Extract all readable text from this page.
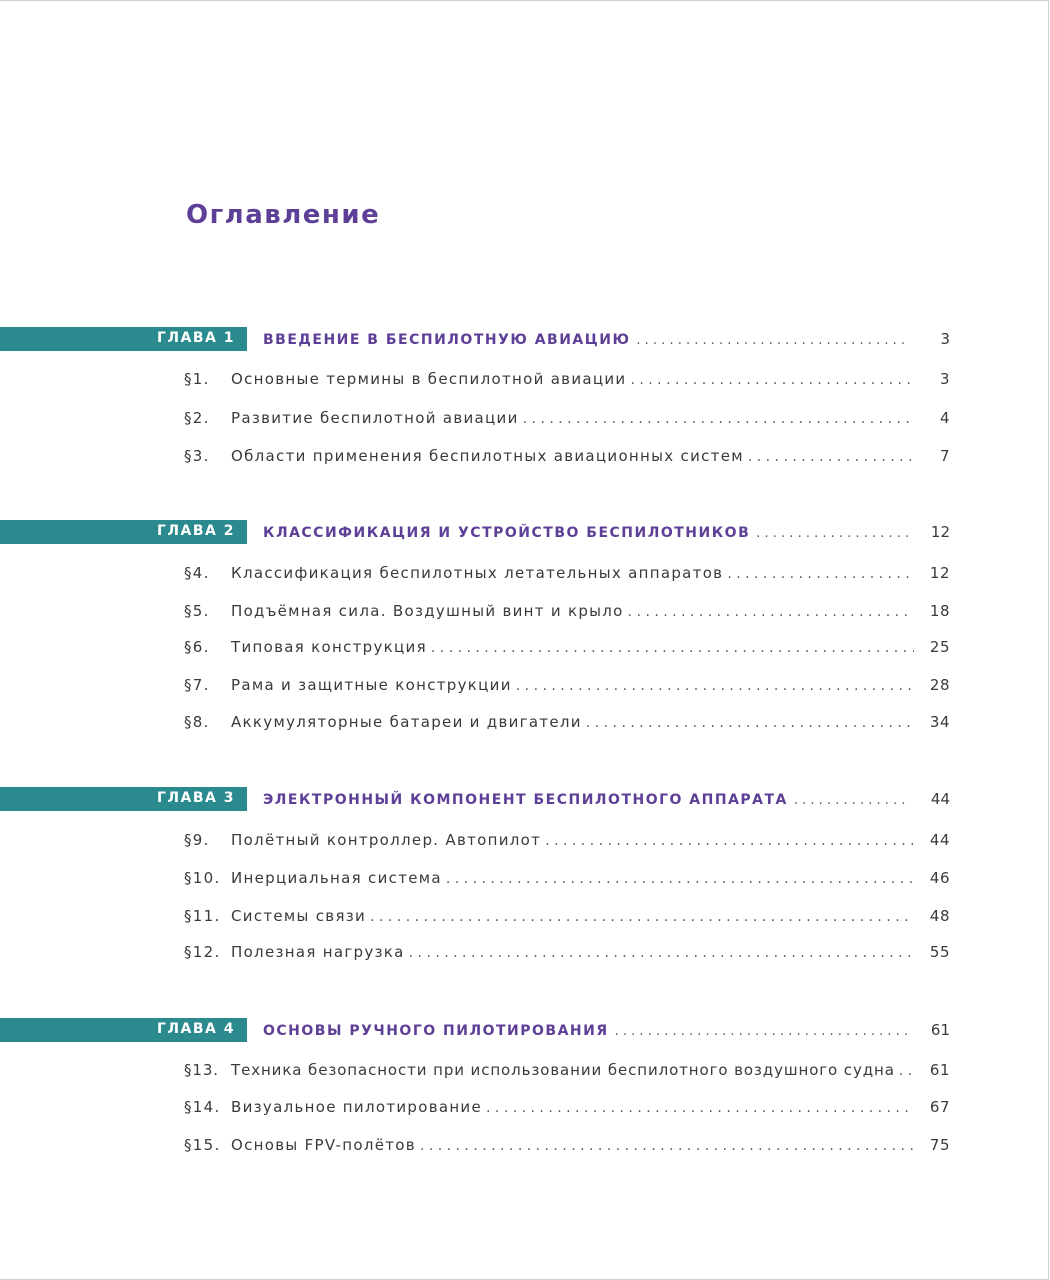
Оглавление
ГЛАВА 1 ВВЕДЕНИЕ В БЕСПИЛОТНУЮ АВИАЦИЮ . . .	3
§1.	Основные термины в беспилотной авиации . . .	3
§2.	Развитие беспилотной авиации . . .	4
§3.	Области применения беспилотных авиационных систем . . .	7
ГЛАВА 2 КЛАССИФИКАЦИЯ И УСТРОЙСТВО БЕСПИЛОТНИКОВ . . .	12
§4.	Классификация беспилотных летательных аппаратов . . .	12
§5.	Подъёмная сила. Воздушный винт и крыло . . .	18
§6.	Типовая конструкция . . .	25
§7.	Рама и защитные конструкции . . .	28
§8.	Аккумуляторные батареи и двигатели . . .	34
ГЛАВА 3 ЭЛЕКТРОННЫЙ КОМПОНЕНТ БЕСПИЛОТНОГО АППАРАТА . . .	44
§9.	Полётный контроллер. Автопилот . . .	44
§10. Инерциальная система . . .	46
§11. Системы связи . . .	48
§12. Полезная нагрузка . . .	55
ГЛАВА 4 ОСНОВЫ РУЧНОГО ПИЛОТИРОВАНИЯ . . .	61
§13. Техника безопасности при использовании беспилотного воздушного судна . . .	61
§14. Визуальное пилотирование . . .	67
§15. Основы FPV-полётов . . .	75
